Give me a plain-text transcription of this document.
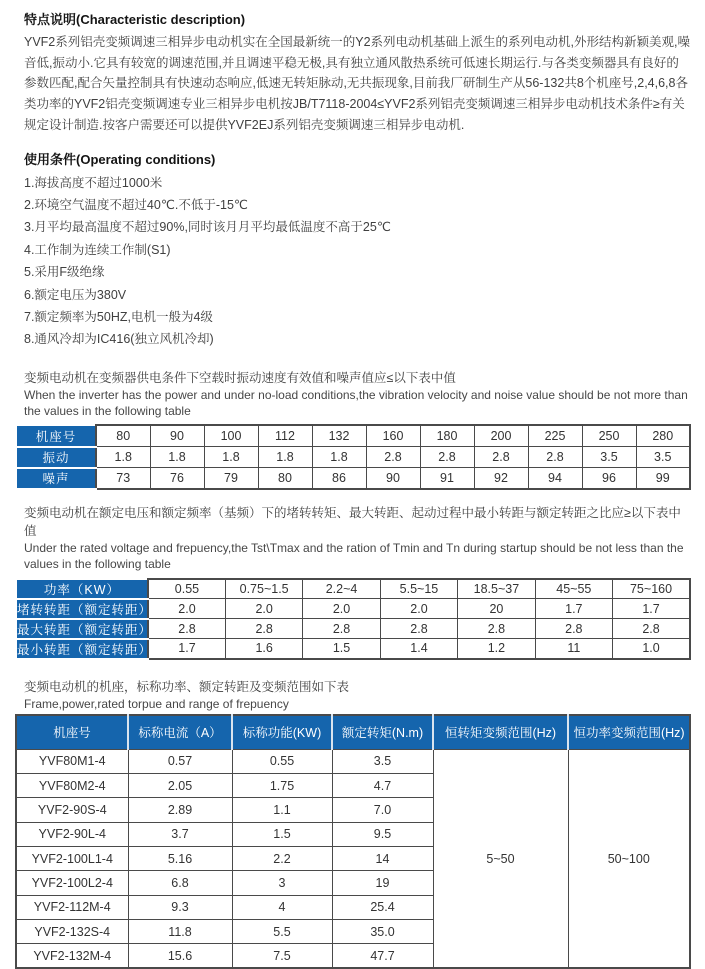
特点说明(Characteristic description)

YVF2系列铝壳变频调速三相异步电动机实在全国最新统一的Y2系列电动机基础上派生的系列电动机,外形结构新颖美观,噪音低,振动小.它具有较宽的调速范围,并且调速平稳无极,具有独立通风散热系统可低速长期运行.与各类变频器具有良好的参数匹配,配合矢量控制具有快速动态响应,低速无转矩脉动,无共振现象,目前我厂研制生产从56-132共8个机座号,2,4,6,8各类功率的YVF2铝壳变频调速专业三相异步电机按JB/T7118-2004≤YVF2系列铝壳变频调速三相异步电动机技术条件≥有关规定设计制造.按客户需要还可以提供YVF2EJ系列铝壳变频调速三相异步电动机.

使用条件(Operating conditions)

1.海拔高度不超过1000米

2.环境空气温度不超过40℃.不低于-15℃

3.月平均最高温度不超过90%,同时该月月平均最低温度不高于25℃

4.工作制为连续工作制(S1)

5.采用F级绝缘

6.额定电压为380V

7.额定频率为50HZ,电机一般为4级

8.通风冷却为IC416(独立风机冷却)

变频电动机在变频器供电条件下空载时振动速度有效值和噪声值应≤以下表中值

When the inverter has the power and under no-load conditions,the vibration velocity and noise value should be not more than the values in the following table

机座号	80	90	100	112	132	160	180	200	225	250	280
振动	1.8	1.8	1.8	1.8	1.8	2.8	2.8	2.8	2.8	3.5	3.5
噪声	73	76	79	80	86	90	91	92	94	96	99

变频电动机在额定电压和额定频率（基频）下的堵转转矩、最大转距、起动过程中最小转距与额定转距之比应≥以下表中值

Under the rated voltage and frepuency,the Tst\Tmax and the ration of Tmin and Tn during startup should be not less than the values in the following table

功率（KW）	0.55	0.75~1.5	2.2~4	5.5~15	18.5~37	45~55	75~160
堵转转距（额定转距）	2.0	2.0	2.0	2.0	20	1.7	1.7
最大转距（额定转距）	2.8	2.8	2.8	2.8	2.8	2.8	2.8
最小转距（额定转距）	1.7	1.6	1.5	1.4	1.2	11	1.0

变频电动机的机座，标称功率、额定转距及变频范围如下表

Frame,power,rated torpue and range of frepuency

机座号	标称电流（A）	标称功能(KW)	额定转矩(N.m)	恒转矩变频范围(Hz)	恒功率变频范围(Hz)
YVF80M1-4	0.57	0.55	3.5	5~50	50~100
YVF80M2-4	2.05	1.75	4.7		
YVF2-90S-4	2.89	1.1	7.0		
YVF2-90L-4	3.7	1.5	9.5		
YVF2-100L1-4	5.16	2.2	14		
YVF2-100L2-4	6.8	3	19		
YVF2-112M-4	9.3	4	25.4		
YVF2-132S-4	11.8	5.5	35.0		
YVF2-132M-4	15.6	7.5	47.7		
